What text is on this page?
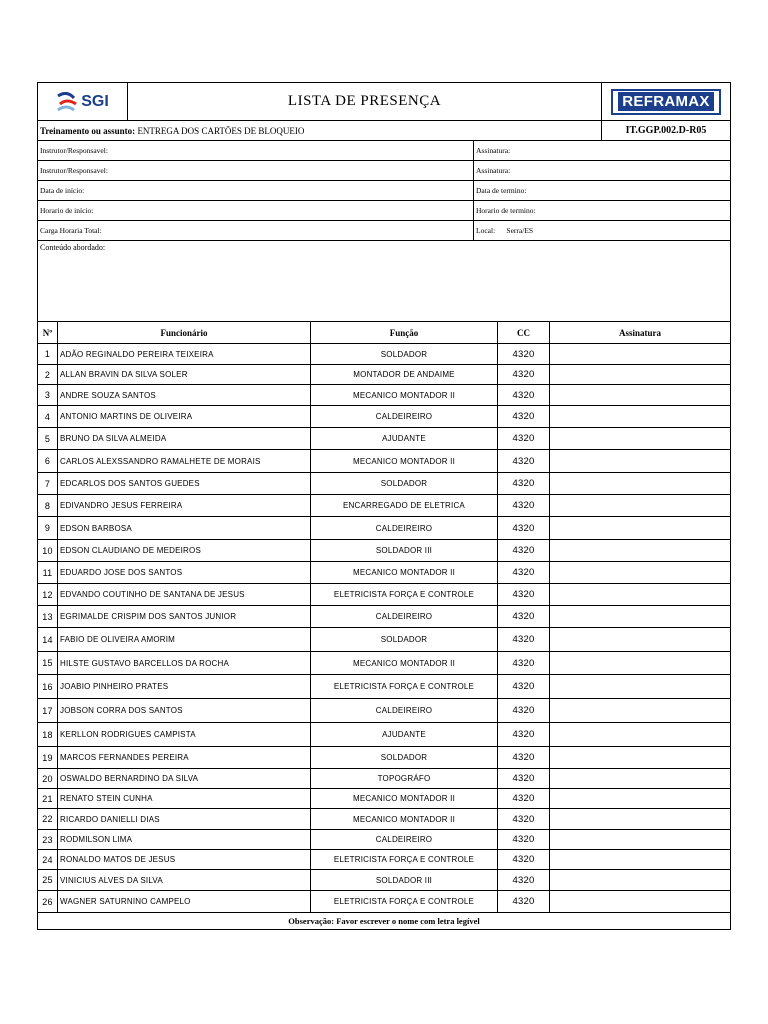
SGI	LISTA DE PRESENÇA	REFRAMAX
Treinamento ou assunto:
ENTREGA DOS CARTÕES DE BLOQUEIO	IT.GGP.002.D-R05
Instrutor/Responsavel:	Assinatura:
Instrutor/Responsavel:	Assinatura:
Data de início:	Data de termino:
Horario de início:	Horario de termino:
Carga Horaria Total:	Local:      Serra/ES
Conteúdo abordado:
Nº	Funcionário	Função	CC	Assinatura
1	ADÃO REGINALDO PEREIRA TEIXEIRA	SOLDADOR	4320
2	ALLAN BRAVIN DA SILVA SOLER	MONTADOR DE ANDAIME	4320
3	ANDRE SOUZA SANTOS	MECANICO MONTADOR II	4320
4	ANTONIO MARTINS DE OLIVEIRA	CALDEIREIRO	4320
5	BRUNO DA SILVA ALMEIDA	AJUDANTE	4320
6	CARLOS ALEXSSANDRO RAMALHETE DE MORAIS	MECANICO MONTADOR II	4320
7	EDCARLOS DOS SANTOS GUEDES	SOLDADOR	4320
8	EDIVANDRO JESUS FERREIRA	ENCARREGADO DE ELETRICA	4320
9	EDSON BARBOSA	CALDEIREIRO	4320
10 EDSON CLAUDIANO DE MEDEIROS	SOLDADOR III	4320
11 EDUARDO JOSE DOS SANTOS	MECANICO MONTADOR II	4320
12 EDVANDO COUTINHO DE SANTANA DE JESUS	ELETRICISTA FORÇA E CONTROLE	4320
13 EGRIMALDE CRISPIM DOS SANTOS JUNIOR	CALDEIREIRO	4320
14 FABIO DE OLIVEIRA AMORIM	SOLDADOR	4320
15 HILSTE GUSTAVO BARCELLOS DA ROCHA	MECANICO MONTADOR II	4320
16 JOABIO PINHEIRO PRATES	ELETRICISTA FORÇA E CONTROLE	4320
17 JOBSON CORRA DOS SANTOS	CALDEIREIRO	4320
18 KERLLON RODRIGUES CAMPISTA	AJUDANTE	4320
19 MARCOS FERNANDES PEREIRA	SOLDADOR	4320
20 OSWALDO BERNARDINO DA SILVA	TOPOGRÁFO	4320
21 RENATO STEIN CUNHA	MECANICO MONTADOR II	4320
22 RICARDO DANIELLI DIAS	MECANICO MONTADOR II	4320
23 RODMILSON LIMA	CALDEIREIRO	4320
24 RONALDO MATOS DE JESUS	ELETRICISTA FORÇA E CONTROLE	4320
25 VINICIUS ALVES DA SILVA	SOLDADOR III	4320
26 WAGNER SATURNINO CAMPELO	ELETRICISTA FORÇA E CONTROLE	4320
Observação: Favor escrever o nome com letra legível
